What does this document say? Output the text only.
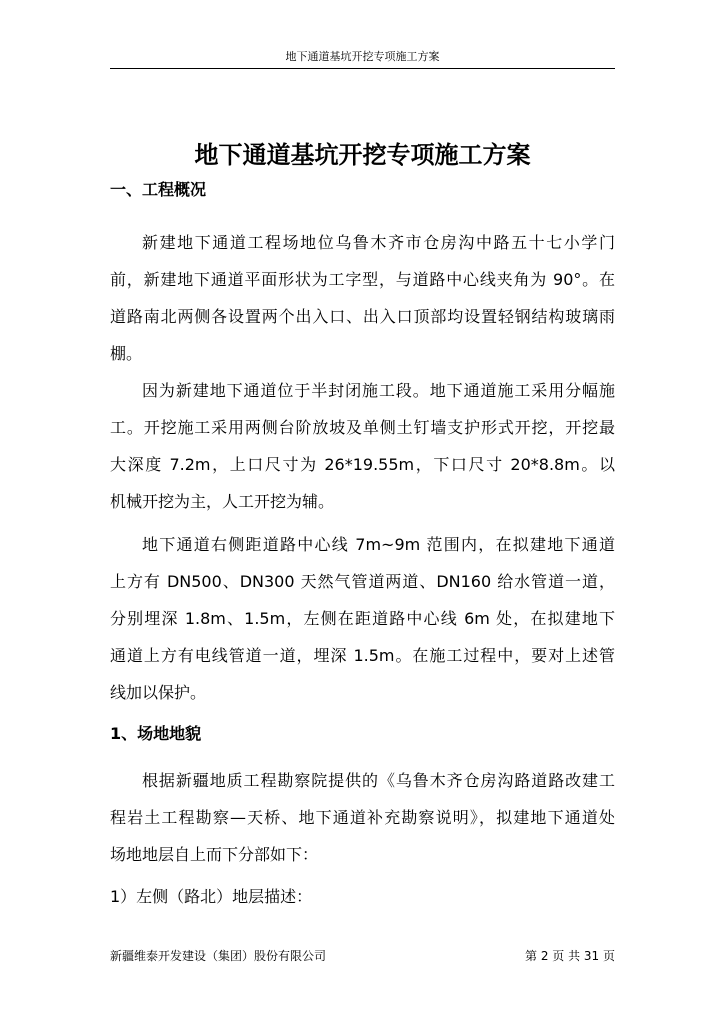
地下通道基坑开挖专项施工方案
地下通道基坑开挖专项施工方案
一、工程概况
新建地下通道工程场地位乌鲁木齐市仓房沟中路五十七小学门
前，新建地下通道平面形状为工字型，与道路中心线夹角为 90°。在
道路南北两侧各设置两个出入口、出入口顶部均设置轻钢结构玻璃雨
棚。
因为新建地下通道位于半封闭施工段。地下通道施工采用分幅施
工。开挖施工采用两侧台阶放坡及单侧土钉墙支护形式开挖，开挖最
大深度 7.2m，上口尺寸为 26*19.55m，下口尺寸 20*8.8m。以
机械开挖为主，人工开挖为辅。
地下通道右侧距道路中心线 7m~9m 范围内，在拟建地下通道
上方有 DN500、DN300 天然气管道两道、DN160 给水管道一道，
分别埋深 1.8m、1.5m，左侧在距道路中心线 6m 处，在拟建地下
通道上方有电线管道一道，埋深 1.5m。在施工过程中，要对上述管
线加以保护。
1、场地地貌
根据新疆地质工程勘察院提供的《乌鲁木齐仓房沟路道路改建工
程岩土工程勘察—天桥、地下通道补充勘察说明》，拟建地下通道处
场地地层自上而下分部如下：
1）左侧（路北）地层描述：
新疆维泰开发建设（集团）股份有限公司	第 2 页 共 31 页
